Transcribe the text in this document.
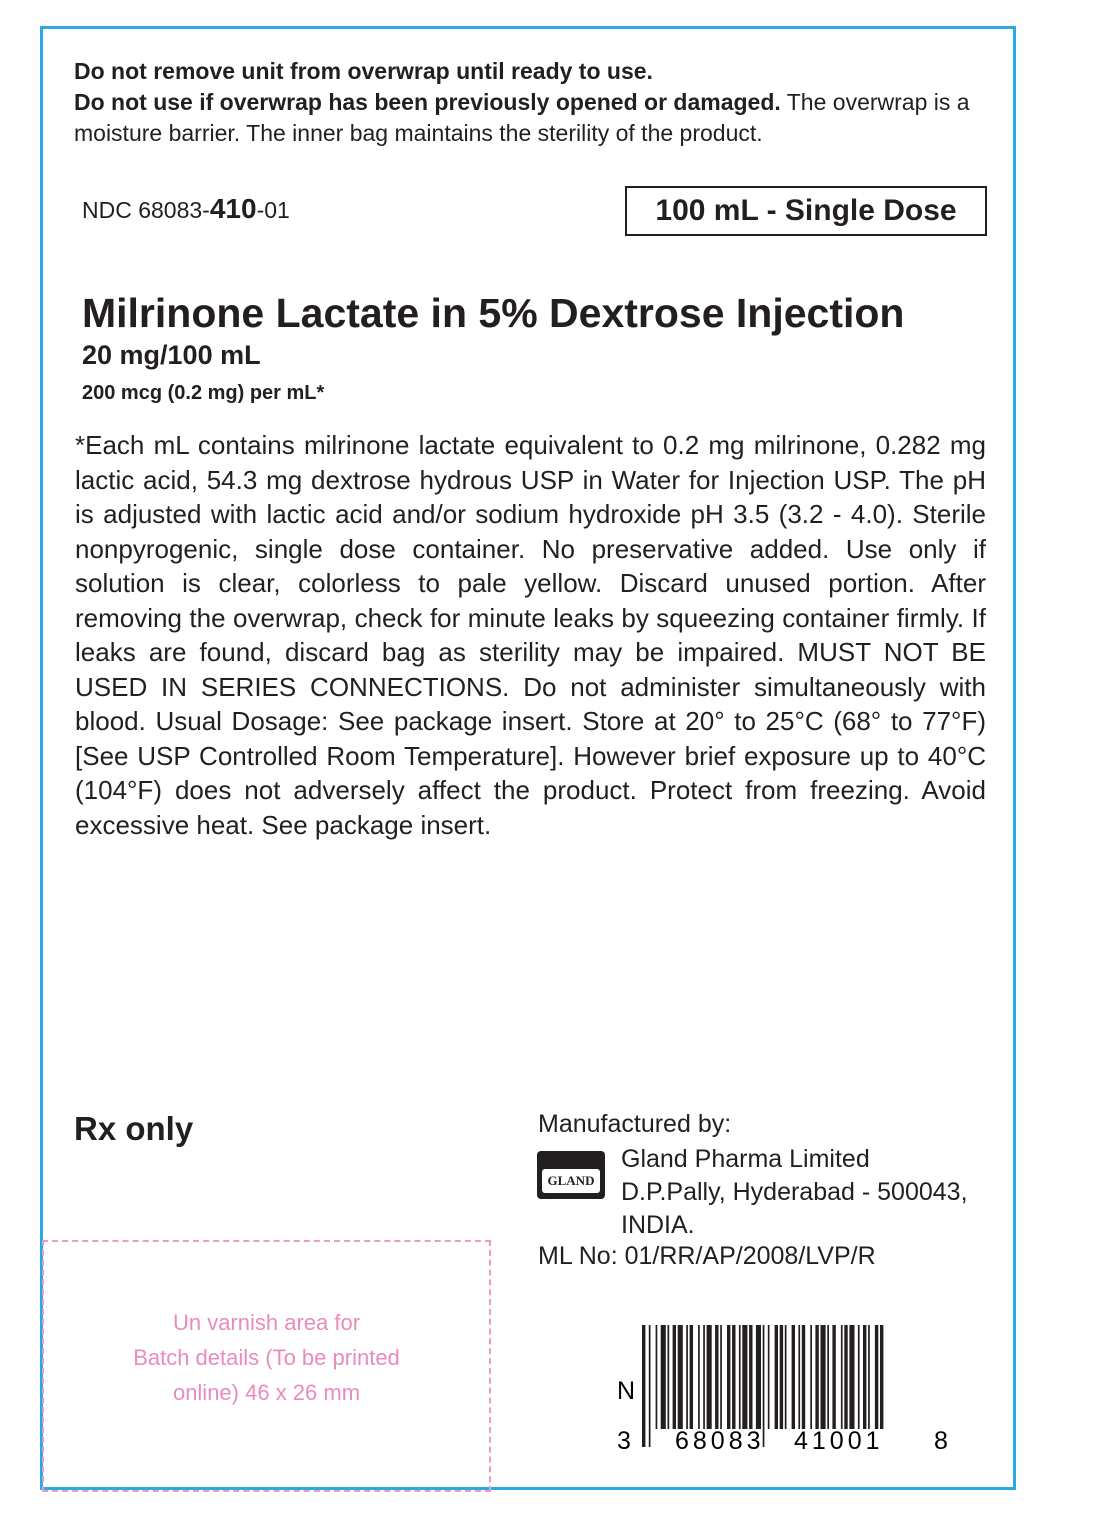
Do not remove unit from overwrap until ready to use.
Do not use if overwrap has been previously opened or damaged. The overwrap is a moisture barrier. The inner bag maintains the sterility of the product.
NDC 68083-410-01	100 mL - Single Dose
Milrinone Lactate in 5% Dextrose Injection
20 mg/100 mL
200 mcg (0.2 mg) per mL*
*Each mL contains milrinone lactate equivalent to 0.2 mg milrinone, 0.282 mg lactic acid, 54.3 mg dextrose hydrous USP in Water for Injection USP. The pH is adjusted with lactic acid and/or sodium hydroxide pH 3.5 (3.2 - 4.0). Sterile nonpyrogenic, single dose container. No preservative added. Use only if solution is clear, colorless to pale yellow. Discard unused portion. After removing the overwrap, check for minute leaks by squeezing container firmly. If leaks are found, discard bag as sterility may be impaired. MUST NOT BE USED IN SERIES CONNECTIONS. Do not administer simultaneously with blood. Usual Dosage: See package insert. Store at 20° to 25°C (68° to 77°F) [See USP Controlled Room Temperature]. However brief exposure up to 40°C (104°F) does not adversely affect the product. Protect from freezing. Avoid excessive heat. See package insert.
Rx only	Manufactured by:
GLAND
Gland Pharma Limited
D.P.Pally, Hyderabad - 500043,
INDIA.
ML No: 01/RR/AP/2008/LVP/R
Un varnish area for
Batch details (To be printed
online) 46 x 26 mm	N
3 68083 41001 8
